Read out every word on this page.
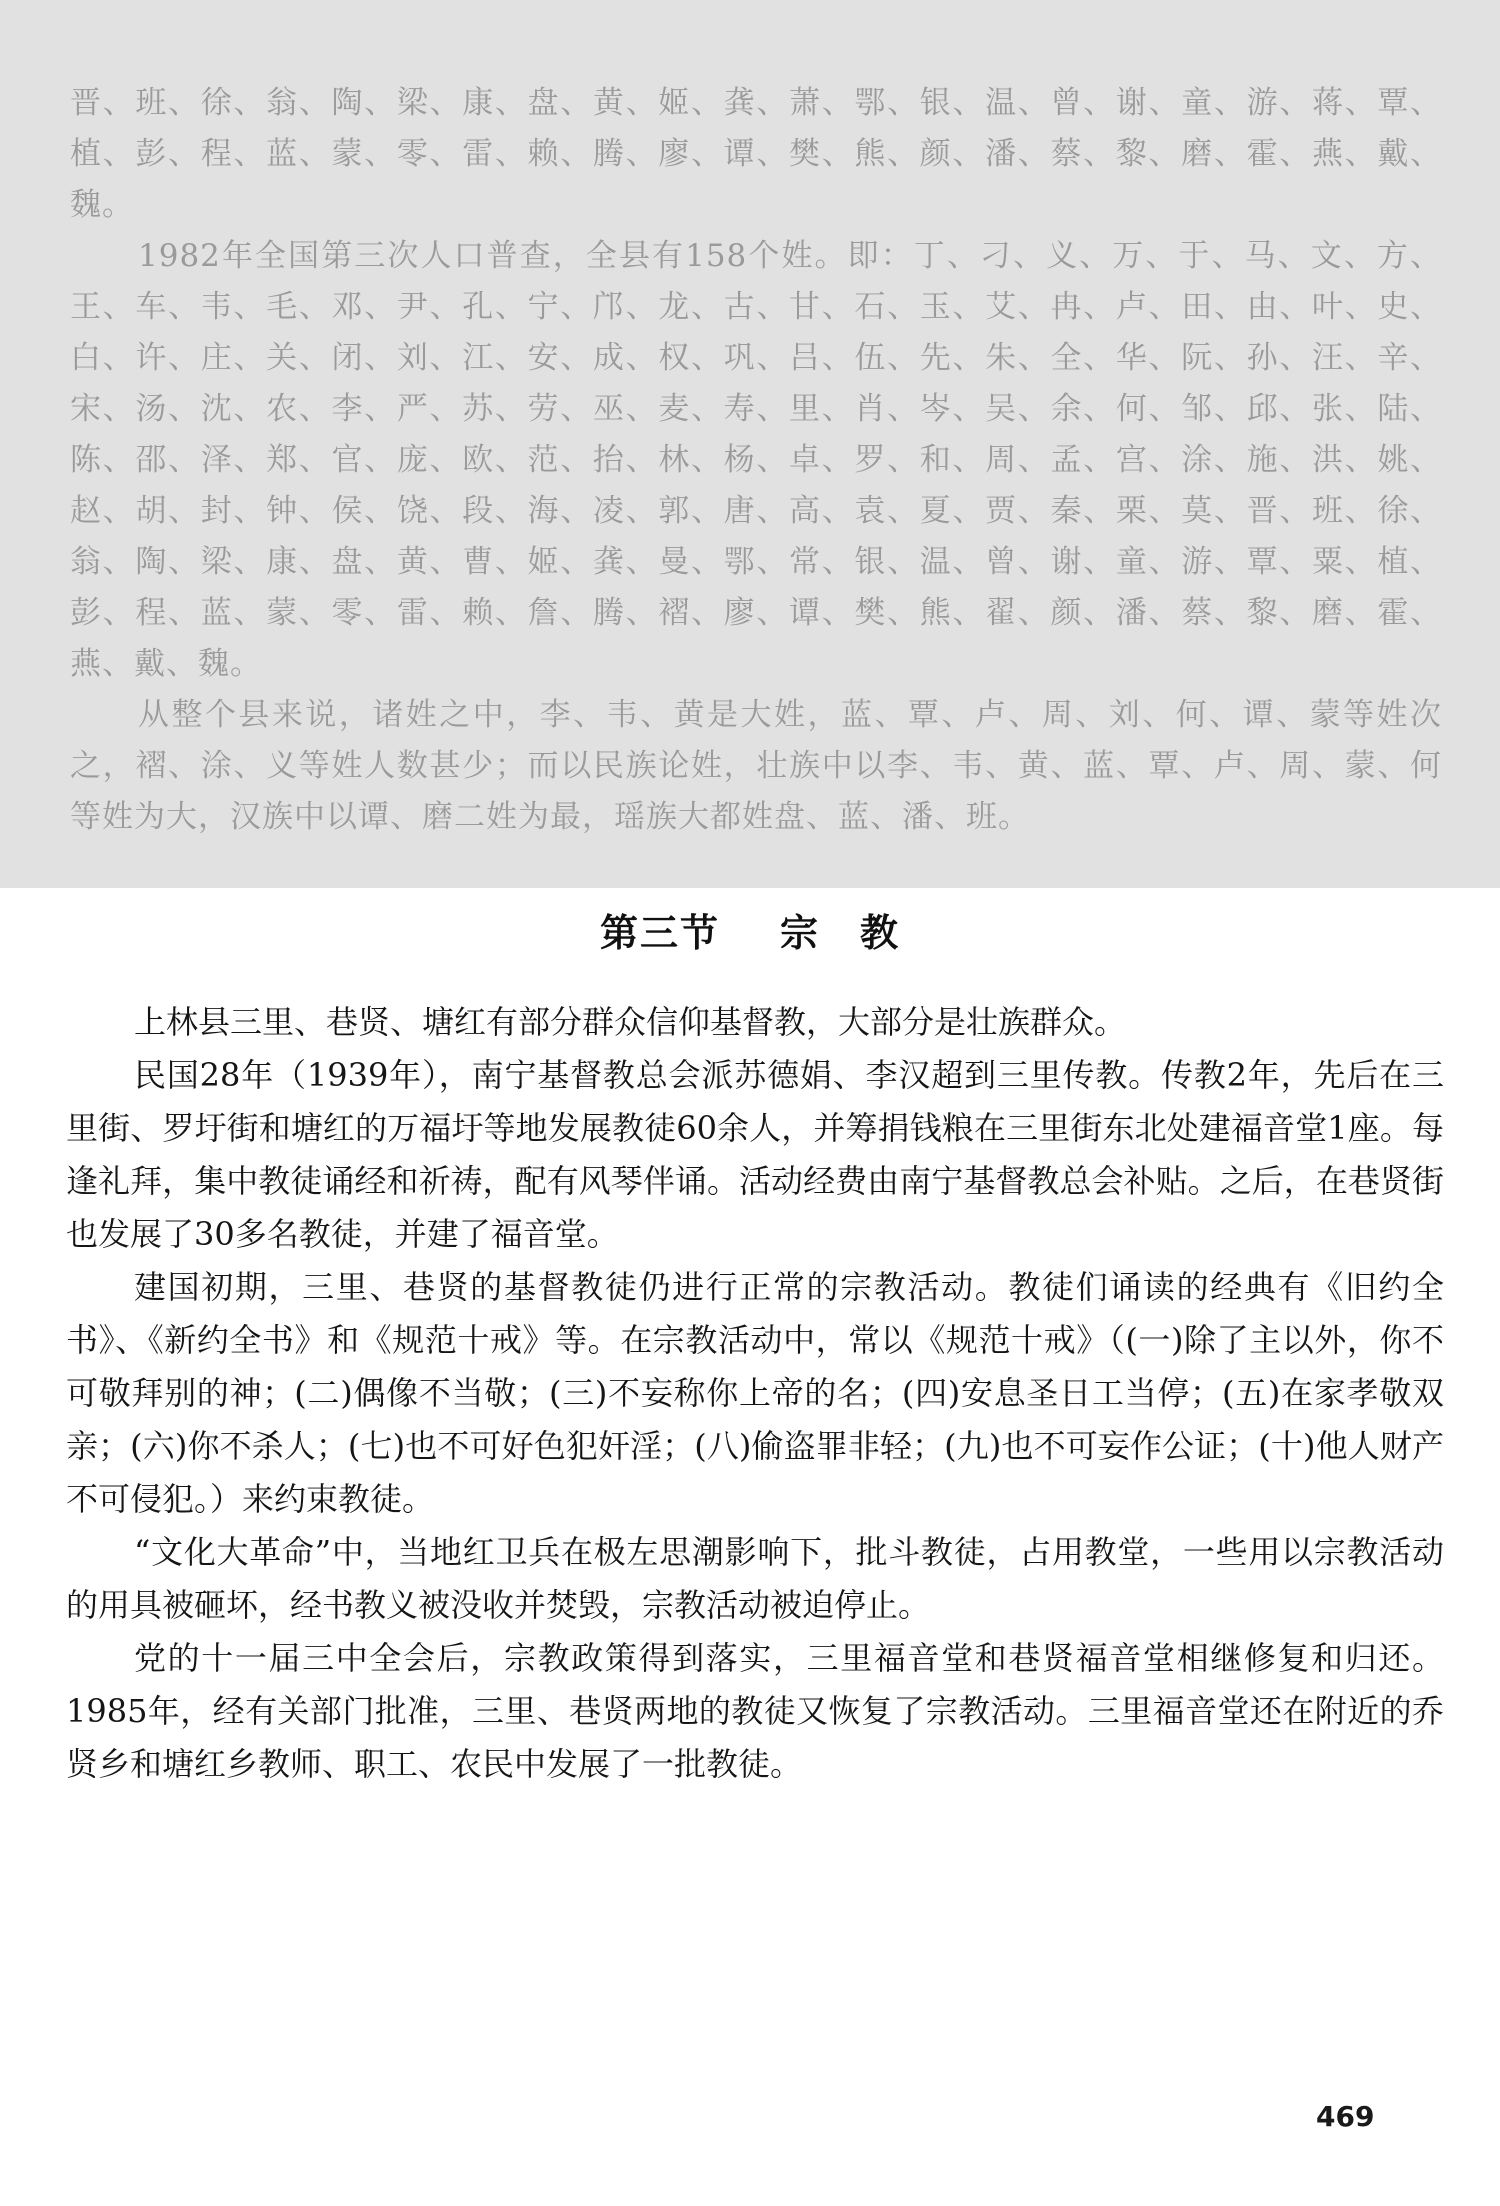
晋、班、徐、翁、陶、梁、康、盘、黄、姬、龚、萧、鄂、银、温、曾、谢、童、游、蒋、覃、植、彭、程、蓝、蒙、零、雷、赖、腾、廖、谭、樊、熊、颜、潘、蔡、黎、磨、霍、燕、戴、魏。

1982年全国第三次人口普查，全县有158个姓。即：丁、刁、义、万、于、马、文、方、王、车、韦、毛、邓、尹、孔、宁、邝、龙、古、甘、石、玉、艾、冉、卢、田、由、叶、史、白、许、庄、关、闭、刘、江、安、成、权、巩、吕、伍、先、朱、全、华、阮、孙、汪、辛、宋、汤、沈、农、李、严、苏、劳、巫、麦、寿、里、肖、岑、吴、余、何、邹、邱、张、陆、陈、邵、泽、郑、官、庞、欧、范、抬、林、杨、卓、罗、和、周、孟、宫、涂、施、洪、姚、赵、胡、封、钟、侯、饶、段、海、凌、郭、唐、高、袁、夏、贾、秦、栗、莫、晋、班、徐、翁、陶、梁、康、盘、黄、曹、姬、龚、曼、鄂、常、银、温、曾、谢、童、游、覃、粟、植、彭、程、蓝、蒙、零、雷、赖、詹、腾、褶、廖、谭、樊、熊、翟、颜、潘、蔡、黎、磨、霍、燕、戴、魏。

从整个县来说，诸姓之中，李、韦、黄是大姓，蓝、覃、卢、周、刘、何、谭、蒙等姓次之，褶、涂、义等姓人数甚少；而以民族论姓，壮族中以李、韦、黄、蓝、覃、卢、周、蒙、何等姓为大，汉族中以谭、磨二姓为最，瑶族大都姓盘、蓝、潘、班。

第三节 宗 教

上林县三里、巷贤、塘红有部分群众信仰基督教，大部分是壮族群众。

民国28年（1939年），南宁基督教总会派苏德娟、李汉超到三里传教。传教2年，先后在三里街、罗圩街和塘红的万福圩等地发展教徒60余人，并筹捐钱粮在三里街东北处建福音堂1座。每逢礼拜，集中教徒诵经和祈祷，配有风琴伴诵。活动经费由南宁基督教总会补贴。之后，在巷贤街也发展了30多名教徒，并建了福音堂。

建国初期，三里、巷贤的基督教徒仍进行正常的宗教活动。教徒们诵读的经典有《旧约全书》、《新约全书》和《规范十戒》等。在宗教活动中，常以《规范十戒》（(一)除了主以外，你不可敬拜别的神；(二)偶像不当敬；(三)不妄称你上帝的名；(四)安息圣日工当停；(五)在家孝敬双亲；(六)你不杀人；(七)也不可好色犯奸淫；(八)偷盗罪非轻；(九)也不可妄作公证；(十)他人财产不可侵犯。）来约束教徒。

“文化大革命”中，当地红卫兵在极左思潮影响下，批斗教徒，占用教堂，一些用以宗教活动的用具被砸坏，经书教义被没收并焚毁，宗教活动被迫停止。

党的十一届三中全会后，宗教政策得到落实，三里福音堂和巷贤福音堂相继修复和归还。1985年，经有关部门批准，三里、巷贤两地的教徒又恢复了宗教活动。三里福音堂还在附近的乔贤乡和塘红乡教师、职工、农民中发展了一批教徒。

469
